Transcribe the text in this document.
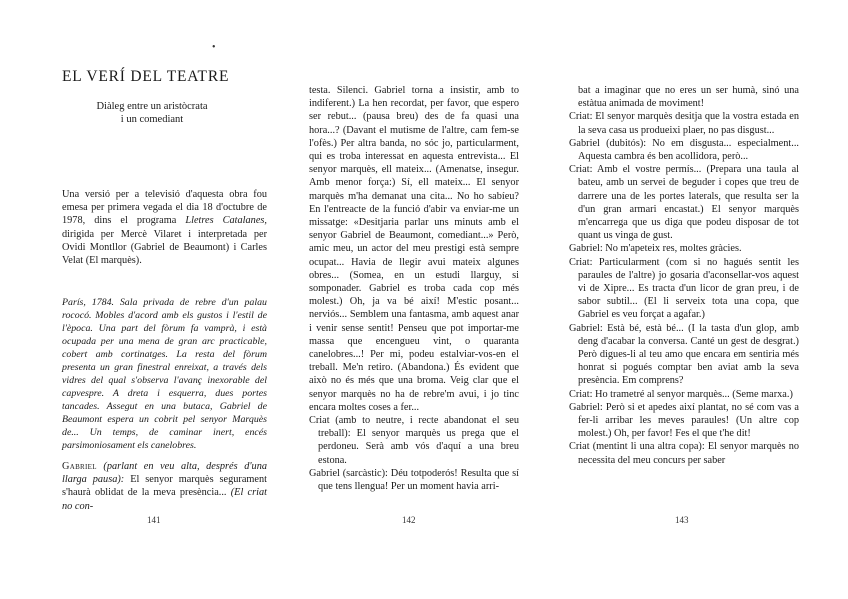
•
EL VERÍ DEL TEATRE
Diàleg entre un aristòcrata
i un comediant

Una versió per a televisió d'aquesta obra fou emesa per primera vegada el dia 18 d'octubre de 1978, dins el programa Lletres Catalanes, dirigida per Mercè Vilaret i interpretada per Ovidi Montllor (Gabriel de Beaumont) i Carles Velat (El marquès).

París, 1784. Sala privada de rebre d'un palau rococó. Mobles d'acord amb els gustos i l'estil de l'època. Una part del fòrum fa vamprà, i està ocupada per una mena de gran arc practicable, cobert amb cortinatges. La resta del fòrum presenta un gran finestral enreixat, a través dels vidres del qual s'observa l'avanç inexorable del capvespre. A dreta i esquerra, dues portes tancades. Assegut en una butaca, Gabriel de Beaumont espera un cobrit pel senyor Marquès de... Un temps, de caminar inert, encés parsimoniosament els canelobres.

Gabriel (parlant en veu alta, després d'una llarga pausa): El senyor marquès segurament s'haurà oblidat de la meva presència... (El criat no con-

141

testa. Silenci. Gabriel torna a insistir, amb to indiferent.) La hen recordat, per favor, que espero ser rebut... (pausa breu) des de fa quasi una hora...? (Davant el mutisme de l'altre, cam fem-se l'ofès.) Per altra banda, no sóc jo, particularment, qui es troba interessat en aquesta entrevista... El senyor marquès, ell mateix... (Amenatse, insegur. Amb menor força:) Sí, ell mateix... El senyor marquès m'ha demanat una cita... No ho sabíeu? En l'entreacte de la funció d'abir va enviar-me un missatge: «Desitjaria parlar uns minuts amb el senyor Gabriel de Beaumont, comediant...» Però, amic meu, un actor del meu prestigi està sempre ocupat... Havia de llegir avui mateix algunes obres... (Somea, en un estudi llarguy, si somponader. Gabriel es troba cada cop més molest.) Oh, ja va bé així! M'estic posant... nerviós... Semblem una fantasma, amb aquest anar i venir sense sentit! Penseu que pot importar-me massa que encengueu vint, o quaranta canelobres...! Per mi, podeu estalviar-vos-en el treball. Me'n retiro. (Abandona.) És evident que això no és més que una broma. Veig clar que el senyor marquès no ha de rebre'm avui, i jo tinc encara moltes coses a fer...

Criat (amb to neutre, i recte abandonat el seu treball): El senyor marquès us prega que el perdoneu. Serà amb vós d'aquí a una breu estona.

Gabriel (sarcàstic): Déu totpoderós! Resulta que sí que tens llengua! Per un moment havia arri-

142

bat a imaginar que no eres un ser humà, sinó una estàtua animada de moviment!

Criat: El senyor marquès desitja que la vostra estada en la seva casa us produeixi plaer, no pas disgust...

Gabriel (dubitós): No em disgusta... especialment... Aquesta cambra és ben acollidora, però...

Criat: Amb el vostre permís... (Prepara una taula al bateu, amb un servei de beguder i copes que treu de darrere una de les portes laterals, que resulta ser la d'un gran armari encastat.) El senyor marquès m'encarrega que us diga que podeu disposar de tot quant us vinga de gust.

Gabriel: No m'apeteix res, moltes gràcies.

Criat: Particularment (com si no hagués sentit les paraules de l'altre) jo gosaria d'aconsellar-vos aquest vi de Xipre... Es tracta d'un licor de gran preu, i de sabor subtil... (El li serveix tota una copa, que Gabriel es veu forçat a agafar.)

Gabriel: Està bé, està bé... (I la tasta d'un glop, amb deng d'acabar la conversa. Canté un gest de desgrat.) Però digues-li al teu amo que encara em sentiria més honrat si pogués comptar ben aviat amb la seva presència. Em comprens?

Criat: Ho trametré al senyor marquès... (Seme marxa.)

Gabriel: Però si et apedes així plantat, no sé com vas a fer-li arribar les meves paraules! (Un altre cop molest.) Oh, per favor! Fes el que t'he dit!

Criat (mentint li una altra copa): El senyor marquès no necessita del meu concurs per saber

143
